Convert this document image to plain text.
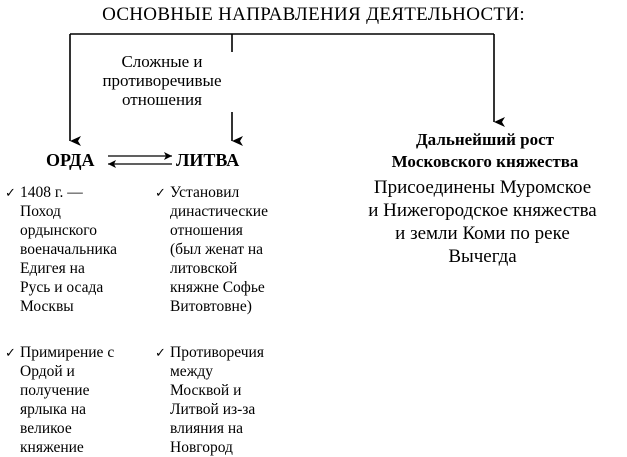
ОСНОВНЫЕ НАПРАВЛЕНИЯ ДЕЯТЕЛЬНОСТИ:
Сложные и
противоречивые
отношения
ОРДА	ЛИТВА
Дальнейший рост
Московского княжества
Присоединены Муромское
и Нижегородское княжества
и земли Коми по реке
Вычегда
✓ 1408 г. —
Поход
ордынского
военачальника
Едигея на
Русь и осада
Москвы
✓ Примирение с
Ордой и
получение
ярлыка на
великое
княжение
✓ Установил
династические
отношения
(был женат на
литовской
княжне Софье
Витовтовне)
✓ Противоречия
между
Москвой и
Литвой из-за
влияния на
Новгород
